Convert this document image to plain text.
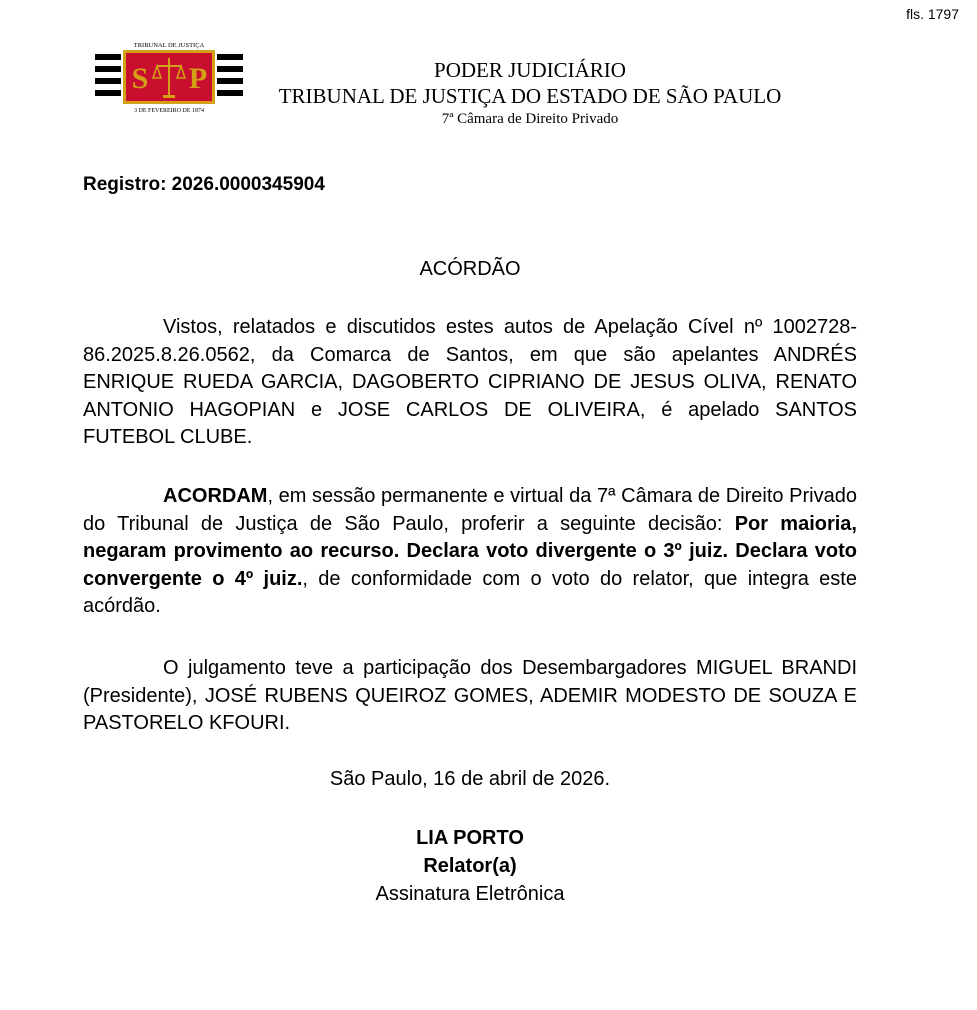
fls. 1797
S P
TRIBUNAL DE JUSTIÇA
3 DE FEVEREIRO DE 1874
PODER JUDICIÁRIO
TRIBUNAL DE JUSTIÇA DO ESTADO DE SÃO PAULO
7ª Câmara de Direito Privado
Registro: 2026.0000345904
ACÓRDÃO

Vistos, relatados e discutidos estes autos de Apelação Cível nº 1002728-86.2025.8.26.0562, da Comarca de Santos, em que são apelantes ANDRÉS ENRIQUE RUEDA GARCIA, DAGOBERTO CIPRIANO DE JESUS OLIVA, RENATO ANTONIO HAGOPIAN e JOSE CARLOS DE OLIVEIRA, é apelado SANTOS FUTEBOL CLUBE.

ACORDAM, em sessão permanente e virtual da 7ª Câmara de Direito Privado do Tribunal de Justiça de São Paulo, proferir a seguinte decisão: Por maioria, negaram provimento ao recurso. Declara voto divergente o 3º juiz. Declara voto convergente o 4º juiz., de conformidade com o voto do relator, que integra este acórdão.

O julgamento teve a participação dos Desembargadores MIGUEL BRANDI (Presidente), JOSÉ RUBENS QUEIROZ GOMES, ADEMIR MODESTO DE SOUZA E PASTORELO KFOURI.

São Paulo, 16 de abril de 2026.
LIA PORTO
Relator(a)
Assinatura Eletrônica
